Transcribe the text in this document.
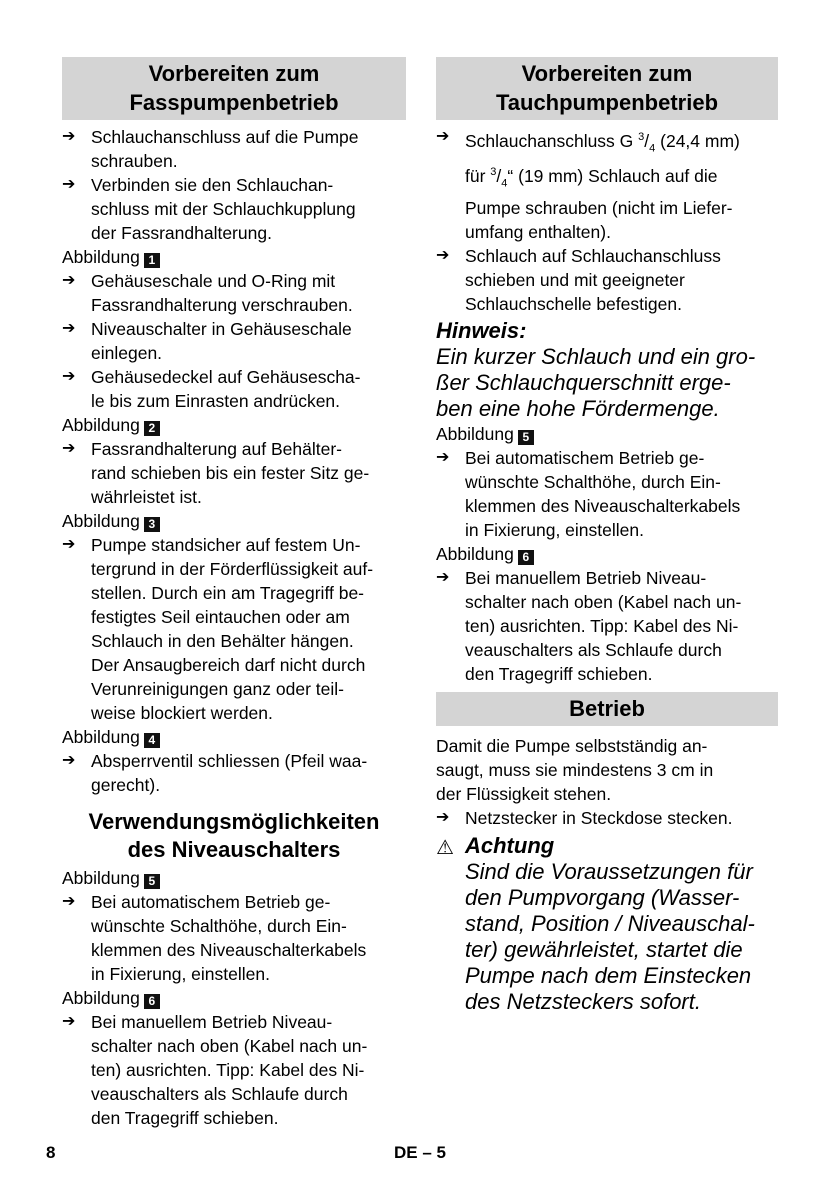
Vorbereiten zum
Fasspumpenbetrieb
➔ Schlauchanschluss auf die Pumpe
schrauben.
➔ Verbinden sie den Schlauchan-
schluss mit der Schlauchkupplung
der Fassrandhalterung.
Abbildung 1
➔ Gehäuseschale und O-Ring mit
Fassrandhalterung verschrauben.
➔ Niveauschalter in Gehäuseschale
einlegen.
➔ Gehäusedeckel auf Gehäusescha-
le bis zum Einrasten andrücken.
Abbildung 2
➔ Fassrandhalterung auf Behälter-
rand schieben bis ein fester Sitz ge-
währleistet ist.
Abbildung 3
➔ Pumpe standsicher auf festem Un-
tergrund in der Förderflüssigkeit auf-
stellen. Durch ein am Tragegriff be-
festigtes Seil eintauchen oder am
Schlauch in den Behälter hängen.
Der Ansaugbereich darf nicht durch
Verunreinigungen ganz oder teil-
weise blockiert werden.
Abbildung 4
➔ Absperrventil schliessen (Pfeil waa-
gerecht).
Verwendungsmöglichkeiten
des Niveauschalters
Abbildung 5
➔ Bei automatischem Betrieb ge-
wünschte Schalthöhe, durch Ein-
klemmen des Niveauschalterkabels
in Fixierung, einstellen.
Abbildung 6
➔ Bei manuellem Betrieb Niveau-
schalter nach oben (Kabel nach un-
ten) ausrichten. Tipp: Kabel des Ni-
veauschalters als Schlaufe durch
den Tragegriff schieben.
Vorbereiten zum
Tauchpumpenbetrieb
➔ Schlauchanschluss G $^3/_4$ (24,4 mm)
für $^3/_4“$ (19 mm) Schlauch auf die
Pumpe schrauben (nicht im Liefer-
umfang enthalten).
➔ Schlauch auf Schlauchanschluss
schieben und mit geeigneter
Schlauchschelle befestigen.
Hinweis:
Ein kurzer Schlauch und ein gro-
ßer Schlauchquerschnitt erge-
ben eine hohe Fördermenge.
Abbildung 5
➔ Bei automatischem Betrieb ge-
wünschte Schalthöhe, durch Ein-
klemmen des Niveauschalterkabels
in Fixierung, einstellen.
Abbildung 6
➔ Bei manuellem Betrieb Niveau-
schalter nach oben (Kabel nach un-
ten) ausrichten. Tipp: Kabel des Ni-
veauschalters als Schlaufe durch
den Tragegriff schieben.
Betrieb
Damit die Pumpe selbstständig an-
saugt, muss sie mindestens 3 cm in
der Flüssigkeit stehen.
➔ Netzstecker in Steckdose stecken.
⚠ Achtung
Sind die Voraussetzungen für
den Pumpvorgang (Wasser-
stand, Position / Niveauschal-
ter) gewährleistet, startet die
Pumpe nach dem Einstecken
des Netzsteckers sofort.
8	DE – 5
